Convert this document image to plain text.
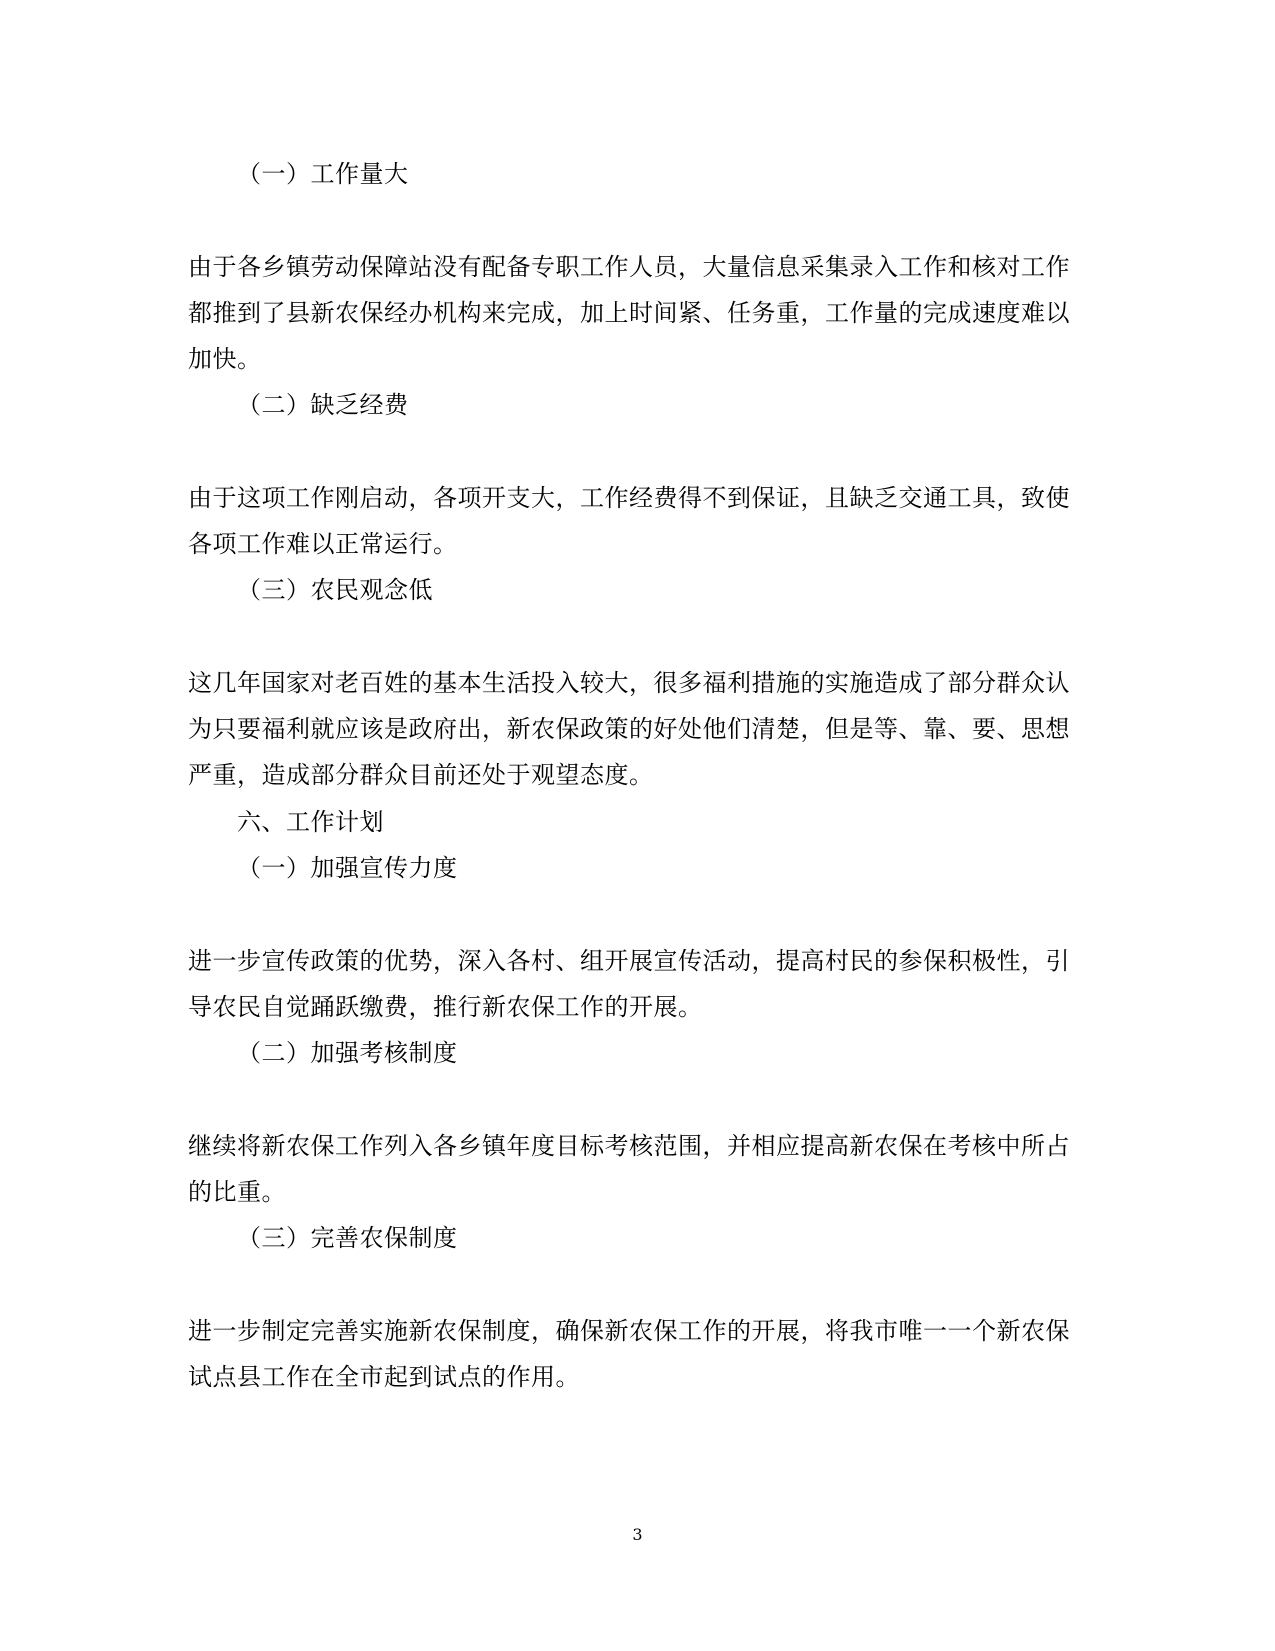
（一）工作量大
由于各乡镇劳动保障站没有配备专职工作人员，大量信息采集录入工作和核对工作
都推到了县新农保经办机构来完成，加上时间紧、任务重，工作量的完成速度难以
加快。
（二）缺乏经费
由于这项工作刚启动，各项开支大，工作经费得不到保证，且缺乏交通工具，致使
各项工作难以正常运行。
（三）农民观念低
这几年国家对老百姓的基本生活投入较大，很多福利措施的实施造成了部分群众认
为只要福利就应该是政府出，新农保政策的好处他们清楚，但是等、靠、要、思想
严重，造成部分群众目前还处于观望态度。
六、工作计划
（一）加强宣传力度
进一步宣传政策的优势，深入各村、组开展宣传活动，提高村民的参保积极性，引
导农民自觉踊跃缴费，推行新农保工作的开展。
（二）加强考核制度
继续将新农保工作列入各乡镇年度目标考核范围，并相应提高新农保在考核中所占
的比重。
（三）完善农保制度
进一步制定完善实施新农保制度，确保新农保工作的开展，将我市唯一一个新农保
试点县工作在全市起到试点的作用。
3
